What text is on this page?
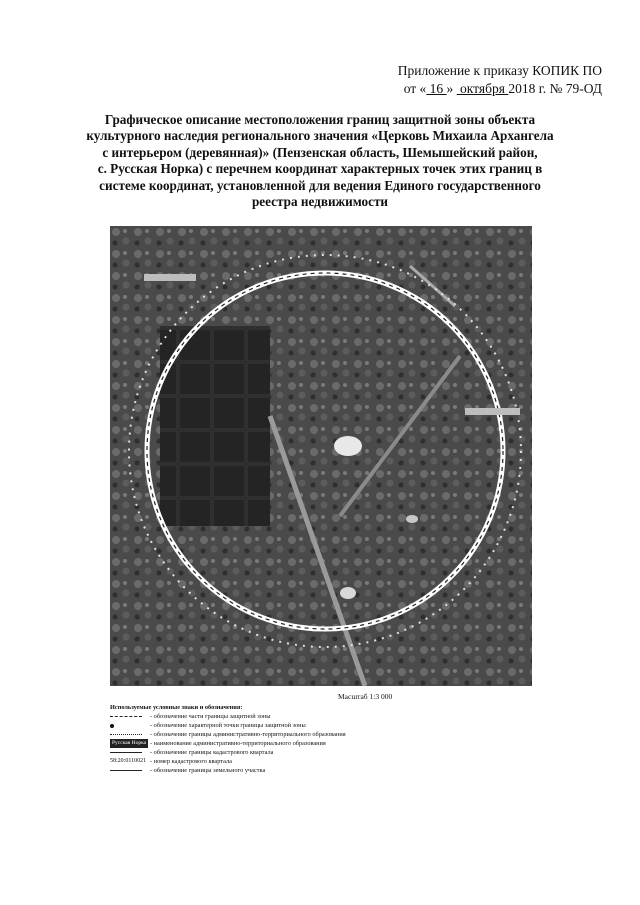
Приложение к приказу КОПИК ПО
от « 16 »  октября 2018 г. № 79-ОД
Графическое описание местоположения границ защитной зоны объекта
культурного наследия регионального значения «Церковь Михаила Архангела
с интерьером (деревянная)» (Пензенская область, Шемышейский район,
с. Русская Норка) с перечнем координат характерных точек этих границ в
системе координат, установленной для ведения Единого государственного
реестра недвижимости
Масштаб 1:3 000
Используемые условные знаки и обозначения:
- обозначение части границы защитной зоны
- обозначение характерной точки границы защитной зоны
- обозначение границы административно-территориального образования
Русская Норка - наименование административно-территориального образования
- обозначение границы кадастрового квартала
58:20:0110021 - номер кадастрового квартала
- обозначение границы земельного участка
